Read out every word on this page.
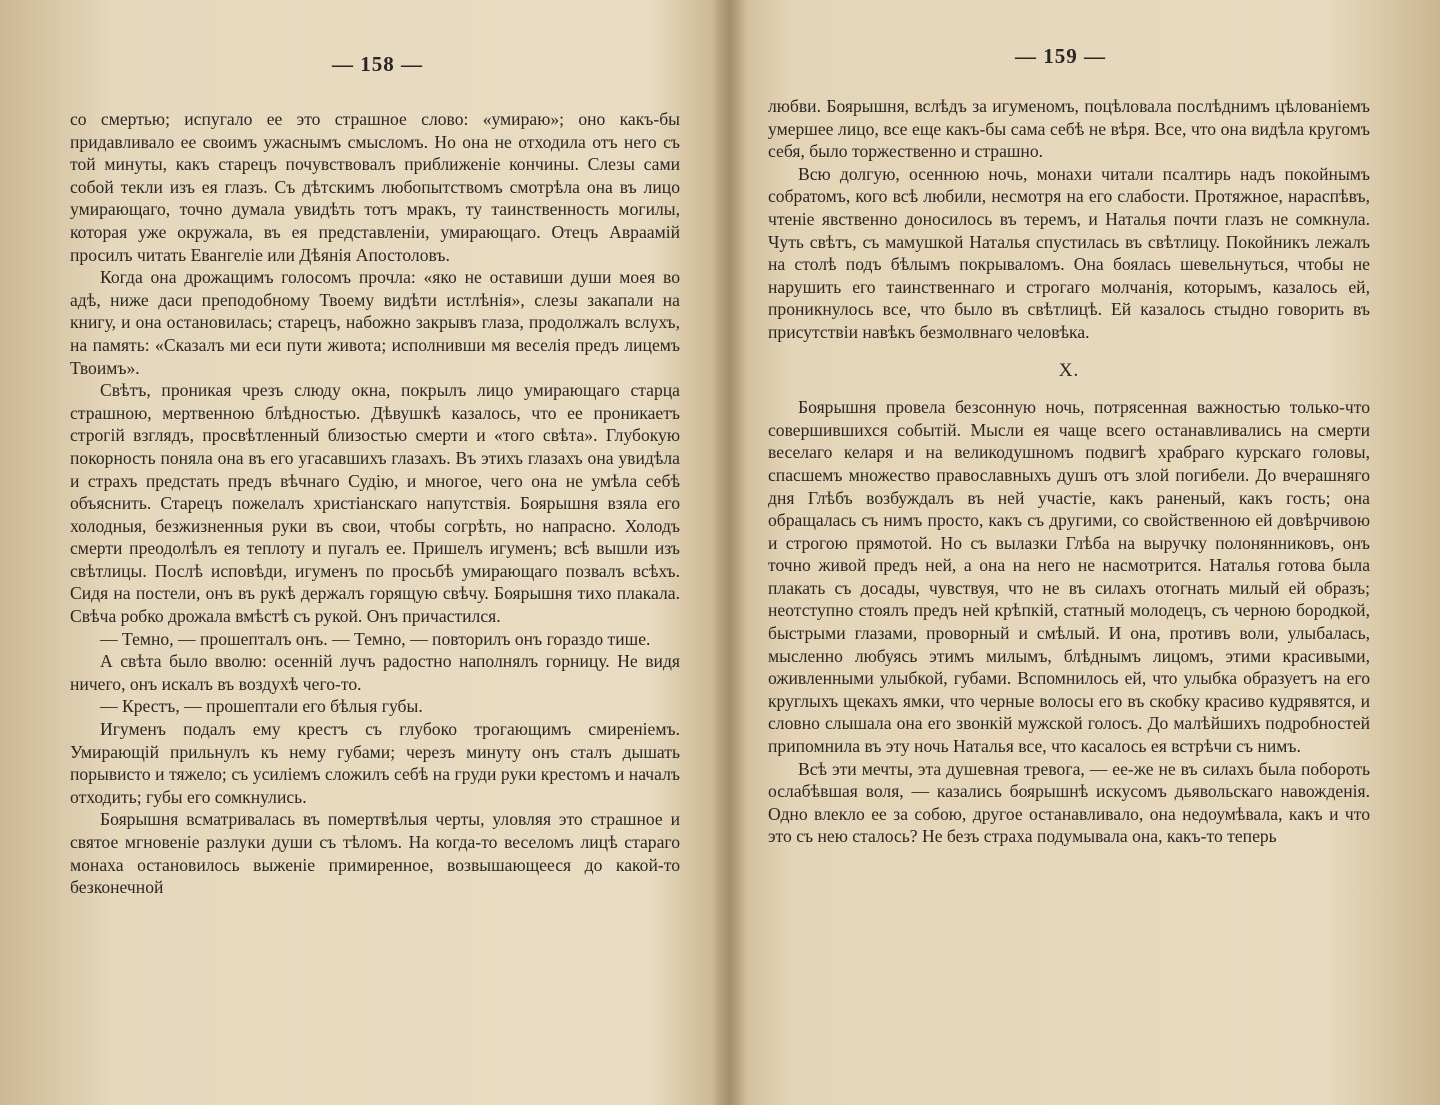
— 158 —

со смертью; испугало ее это страшное слово: «умираю»; оно какъ-бы придавливало ее своимъ ужаснымъ смысломъ. Но она не отходила отъ него съ той минуты, какъ старецъ почувствовалъ приближеніе кончины. Слезы сами собой текли изъ ея глазъ. Съ дѣтскимъ любопытствомъ смотрѣла она въ лицо умирающаго, точно думала увидѣть тотъ мракъ, ту таинственность могилы, которая уже окружала, въ ея представленіи, умирающаго. Отецъ Авраамій просилъ читать Евангеліе или Дѣянія Апостоловъ.

Когда она дрожащимъ голосомъ прочла: «яко не оставиши души моея во адѣ, ниже даси преподобному Твоему видѣти истлѣнія», слезы закапали на книгу, и она остановилась; старецъ, набожно закрывъ глаза, продолжалъ вслухъ, на память: «Сказалъ ми еси пути живота; исполнивши мя веселія предъ лицемъ Твоимъ».

Свѣтъ, проникая чрезъ слюду окна, покрылъ лицо умирающаго старца страшною, мертвенною блѣдностью. Дѣвушкѣ казалось, что ее проникаетъ строгій взглядъ, просвѣтленный близостью смерти и «того свѣта». Глубокую покорность поняла она въ его угасавшихъ глазахъ. Въ этихъ глазахъ она увидѣла и страхъ предстать предъ вѣчнаго Судію, и многое, чего она не умѣла себѣ объяснить. Старецъ пожелалъ христіанскаго напутствія. Боярышня взяла его холодныя, безжизненныя руки въ свои, чтобы согрѣть, но напрасно. Холодъ смерти преодолѣлъ ея теплоту и пугалъ ее. Пришелъ игуменъ; всѣ вышли изъ свѣтлицы. Послѣ исповѣди, игуменъ по просьбѣ умирающаго позвалъ всѣхъ. Сидя на постели, онъ въ рукѣ держалъ горящую свѣчу. Боярышня тихо плакала. Свѣча робко дрожала вмѣстѣ съ рукой. Онъ причастился.

— Темно, — прошепталъ онъ. — Темно, — повторилъ онъ гораздо тише.

А свѣта было вволю: осенній лучъ радостно наполнялъ горницу. Не видя ничего, онъ искалъ въ воздухѣ чего-то.

— Крестъ, — прошептали его бѣлыя губы.

Игуменъ подалъ ему крестъ съ глубоко трогающимъ смиреніемъ. Умирающій прильнулъ къ нему губами; черезъ минуту онъ сталъ дышать порывисто и тяжело; съ усиліемъ сложилъ себѣ на груди руки крестомъ и началъ отходить; губы его сомкнулись.

Боярышня всматривалась въ помертвѣлыя черты, уловляя это страшное и святое мгновеніе разлуки души съ тѣломъ. На когда-то веселомъ лицѣ стараго монаха остановилось выженіе примиренное, возвышающееся до какой-то безконечной

— 159 —

любви. Боярышня, вслѣдъ за игуменомъ, поцѣловала послѣднимъ цѣлованіемъ умершее лицо, все еще какъ-бы сама себѣ не вѣря. Все, что она видѣла кругомъ себя, было торжественно и страшно.

Всю долгую, осеннюю ночь, монахи читали псалтирь надъ покойнымъ собратомъ, кого всѣ любили, несмотря на его слабости. Протяжное, нараспѣвъ, чтеніе явственно доносилось въ теремъ, и Наталья почти глазъ не сомкнула. Чуть свѣтъ, съ мамушкой Наталья спустилась въ свѣтлицу. Покойникъ лежалъ на столѣ подъ бѣлымъ покрываломъ. Она боялась шевельнуться, чтобы не нарушить его таинственнаго и строгаго молчанія, которымъ, казалось ей, проникнулось все, что было въ свѣтлицѣ. Ей казалось стыдно говорить въ присутствіи навѣкъ безмолвнаго человѣка.

X.

Боярышня провела безсонную ночь, потрясенная важностью только-что совершившихся событій. Мысли ея чаще всего останавливались на смерти веселаго келаря и на великодушномъ подвигѣ храбраго курскаго головы, спасшемъ множество православныхъ душъ отъ злой погибели. До вчерашняго дня Глѣбъ возбуждалъ въ ней участіе, какъ раненый, какъ гость; она обращалась съ нимъ просто, какъ съ другими, со свойственною ей довѣрчивою и строгою прямотой. Но съ вылазки Глѣба на выручку полонянниковъ, онъ точно живой предъ ней, а она на него не насмотрится. Наталья готова была плакать съ досады, чувствуя, что не въ силахъ отогнать милый ей образъ; неотступно стоялъ предъ ней крѣпкій, статный молодецъ, съ черною бородкой, быстрыми глазами, проворный и смѣлый. И она, противъ воли, улыбалась, мысленно любуясь этимъ милымъ, блѣднымъ лицомъ, этими красивыми, оживленными улыбкой, губами. Вспомнилось ей, что улыбка образуетъ на его круглыхъ щекахъ ямки, что черные волосы его въ скобку красиво кудрявятся, и словно слышала она его звонкій мужской голосъ. До малѣйшихъ подробностей припомнила въ эту ночь Наталья все, что касалось ея встрѣчи съ нимъ.

Всѣ эти мечты, эта душевная тревога, — ее-же не въ силахъ была побороть ослабѣвшая воля, — казались боярышнѣ искусомъ дьявольскаго навожденія. Одно влекло ее за собою, другое останавливало, она недоумѣвала, какъ и что это съ нею сталось? Не безъ страха подумывала она, какъ-то теперь
